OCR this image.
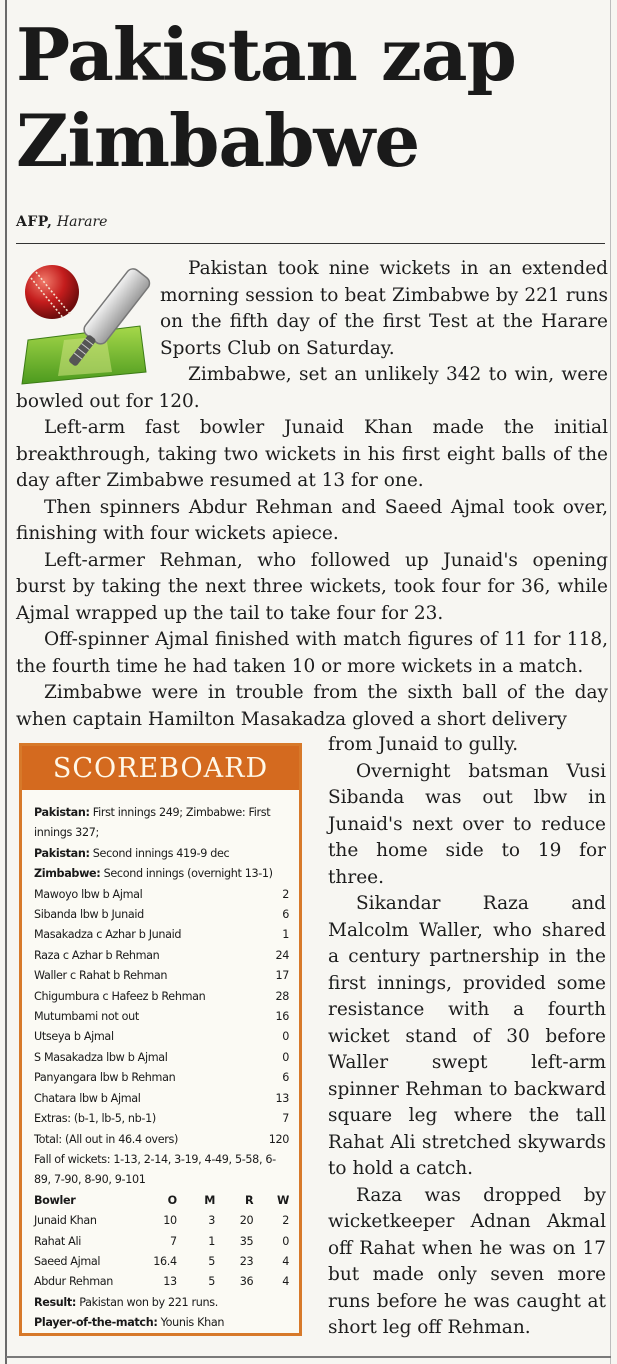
Pakistan zap Zimbabwe
AFP, Harare

Pakistan took nine wickets in an extended morning session to beat Zimbabwe by 221 runs on the fifth day of the first Test at the Harare Sports Club on Saturday.

Zimbabwe, set an unlikely 342 to win, were bowled out for 120.

Left-arm fast bowler Junaid Khan made the initial breakthrough, taking two wickets in his first eight balls of the day after Zimbabwe resumed at 13 for one.

Then spinners Abdur Rehman and Saeed Ajmal took over, finishing with four wickets apiece.

Left-armer Rehman, who followed up Junaid's opening burst by taking the next three wickets, took four for 36, while Ajmal wrapped up the tail to take four for 23.

Off-spinner Ajmal finished with match figures of 11 for 118, the fourth time he had taken 10 or more wickets in a match.

Zimbabwe were in trouble from the sixth ball of the day when captain Hamilton Masakadza gloved a short delivery

from Junaid to gully.

Overnight batsman Vusi Sibanda was out lbw in Junaid's next over to reduce the home side to 19 for three.

Sikandar Raza and Malcolm Waller, who shared a century partnership in the first innings, provided some resistance with a fourth wicket stand of 30 before Waller swept left-arm spinner Rehman to backward square leg where the tall Rahat Ali stretched skywards to hold a catch.

Raza was dropped by wicketkeeper Adnan Akmal off Rahat when he was on 17 but made only seven more runs before he was caught at short leg off Rehman.

SCOREBOARD
Pakistan: First innings 249; Zimbabwe: First innings 327;
Pakistan: Second innings 419-9 dec
Zimbabwe: Second innings (overnight 13-1)
Mawoyo lbw b Ajmal	2
Sibanda lbw b Junaid	6
Masakadza c Azhar b Junaid	1
Raza c Azhar b Rehman	24
Waller c Rahat b Rehman	17
Chigumbura c Hafeez b Rehman	28
Mutumbami not out	16
Utseya b Ajmal	0
S Masakadza lbw b Ajmal	0
Panyangara lbw b Rehman	6
Chatara lbw b Ajmal	13
Extras: (b-1, lb-5, nb-1)	7
Total: (All out in 46.4 overs)	120
Fall of wickets: 1-13, 2-14, 3-19, 4-49, 5-58, 6-89, 7-90, 8-90, 9-101
Bowler	O	M	R	W
Junaid Khan	10	3	20	2
Rahat Ali	7	1	35	0
Saeed Ajmal	16.4	5	23	4
Abdur Rehman	13	5	36	4
Result: Pakistan won by 221 runs.
Player-of-the-match: Younis Khan
